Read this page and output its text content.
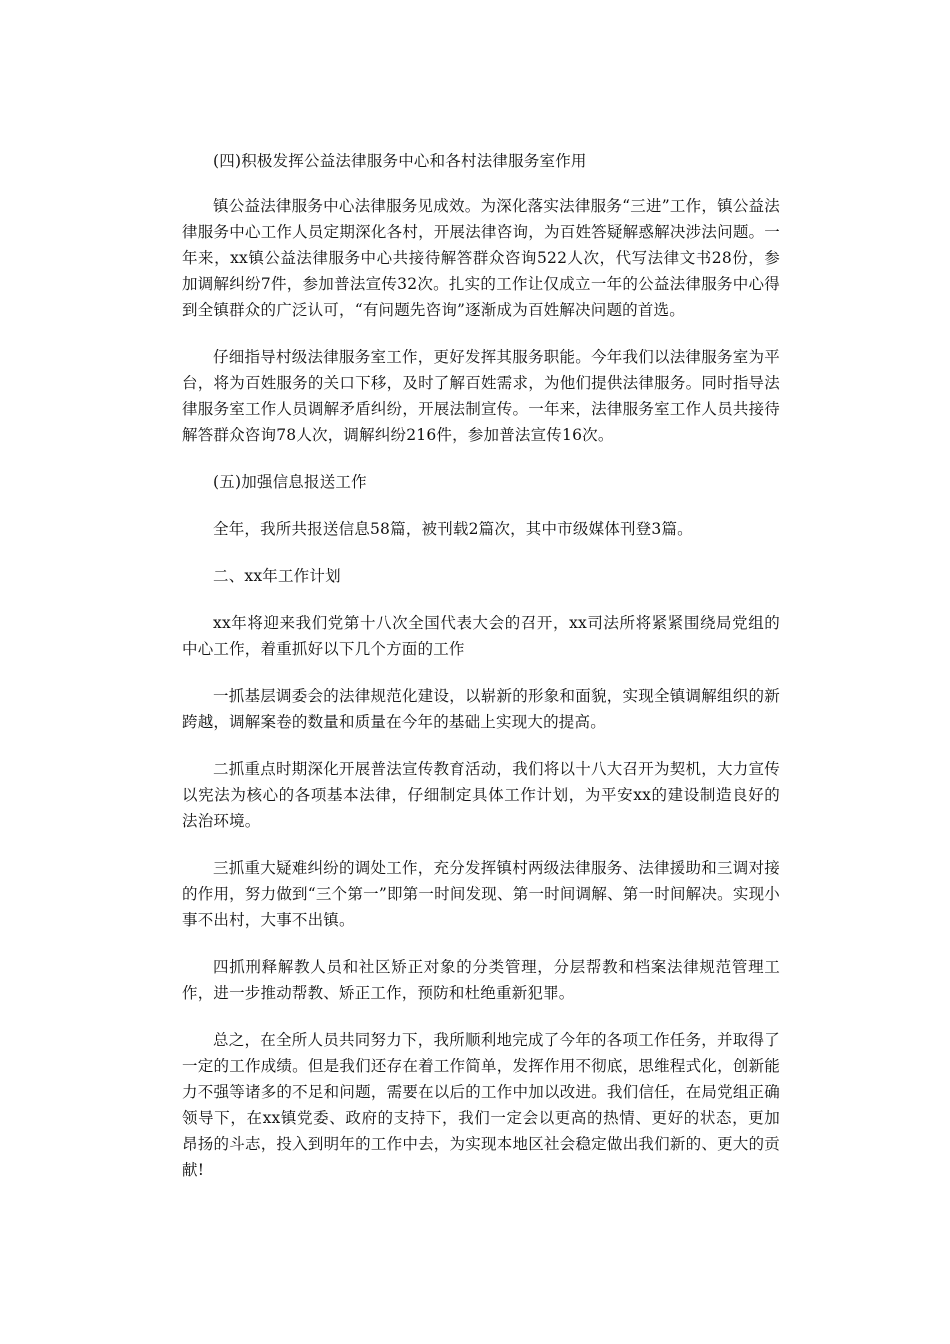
(四)积极发挥公益法律服务中心和各村法律服务室作用

镇公益法律服务中心法律服务见成效。为深化落实法律服务“三进”工作，镇公益法律服务中心工作人员定期深化各村，开展法律咨询，为百姓答疑解惑解决涉法问题。一年来，xx镇公益法律服务中心共接待解答群众咨询522人次，代写法律文书28份，参加调解纠纷7件，参加普法宣传32次。扎实的工作让仅成立一年的公益法律服务中心得到全镇群众的广泛认可，“有问题先咨询”逐渐成为百姓解决问题的首选。

仔细指导村级法律服务室工作，更好发挥其服务职能。今年我们以法律服务室为平台，将为百姓服务的关口下移，及时了解百姓需求，为他们提供法律服务。同时指导法律服务室工作人员调解矛盾纠纷，开展法制宣传。一年来，法律服务室工作人员共接待解答群众咨询78人次，调解纠纷216件，参加普法宣传16次。

(五)加强信息报送工作

全年，我所共报送信息58篇，被刊载2篇次，其中市级媒体刊登3篇。

二、xx年工作计划

xx年将迎来我们党第十八次全国代表大会的召开，xx司法所将紧紧围绕局党组的中心工作，着重抓好以下几个方面的工作

一抓基层调委会的法律规范化建设，以崭新的形象和面貌，实现全镇调解组织的新跨越，调解案卷的数量和质量在今年的基础上实现大的提高。

二抓重点时期深化开展普法宣传教育活动，我们将以十八大召开为契机，大力宣传以宪法为核心的各项基本法律，仔细制定具体工作计划，为平安xx的建设制造良好的法治环境。

三抓重大疑难纠纷的调处工作，充分发挥镇村两级法律服务、法律援助和三调对接的作用，努力做到“三个第一”即第一时间发现、第一时间调解、第一时间解决。实现小事不出村，大事不出镇。

四抓刑释解教人员和社区矫正对象的分类管理，分层帮教和档案法律规范管理工作，进一步推动帮教、矫正工作，预防和杜绝重新犯罪。

总之，在全所人员共同努力下，我所顺利地完成了今年的各项工作任务，并取得了一定的工作成绩。但是我们还存在着工作简单，发挥作用不彻底，思维程式化，创新能力不强等诸多的不足和问题，需要在以后的工作中加以改进。我们信任，在局党组正确领导下，在xx镇党委、政府的支持下，我们一定会以更高的热情、更好的状态，更加昂扬的斗志，投入到明年的工作中去，为实现本地区社会稳定做出我们新的、更大的贡献!
